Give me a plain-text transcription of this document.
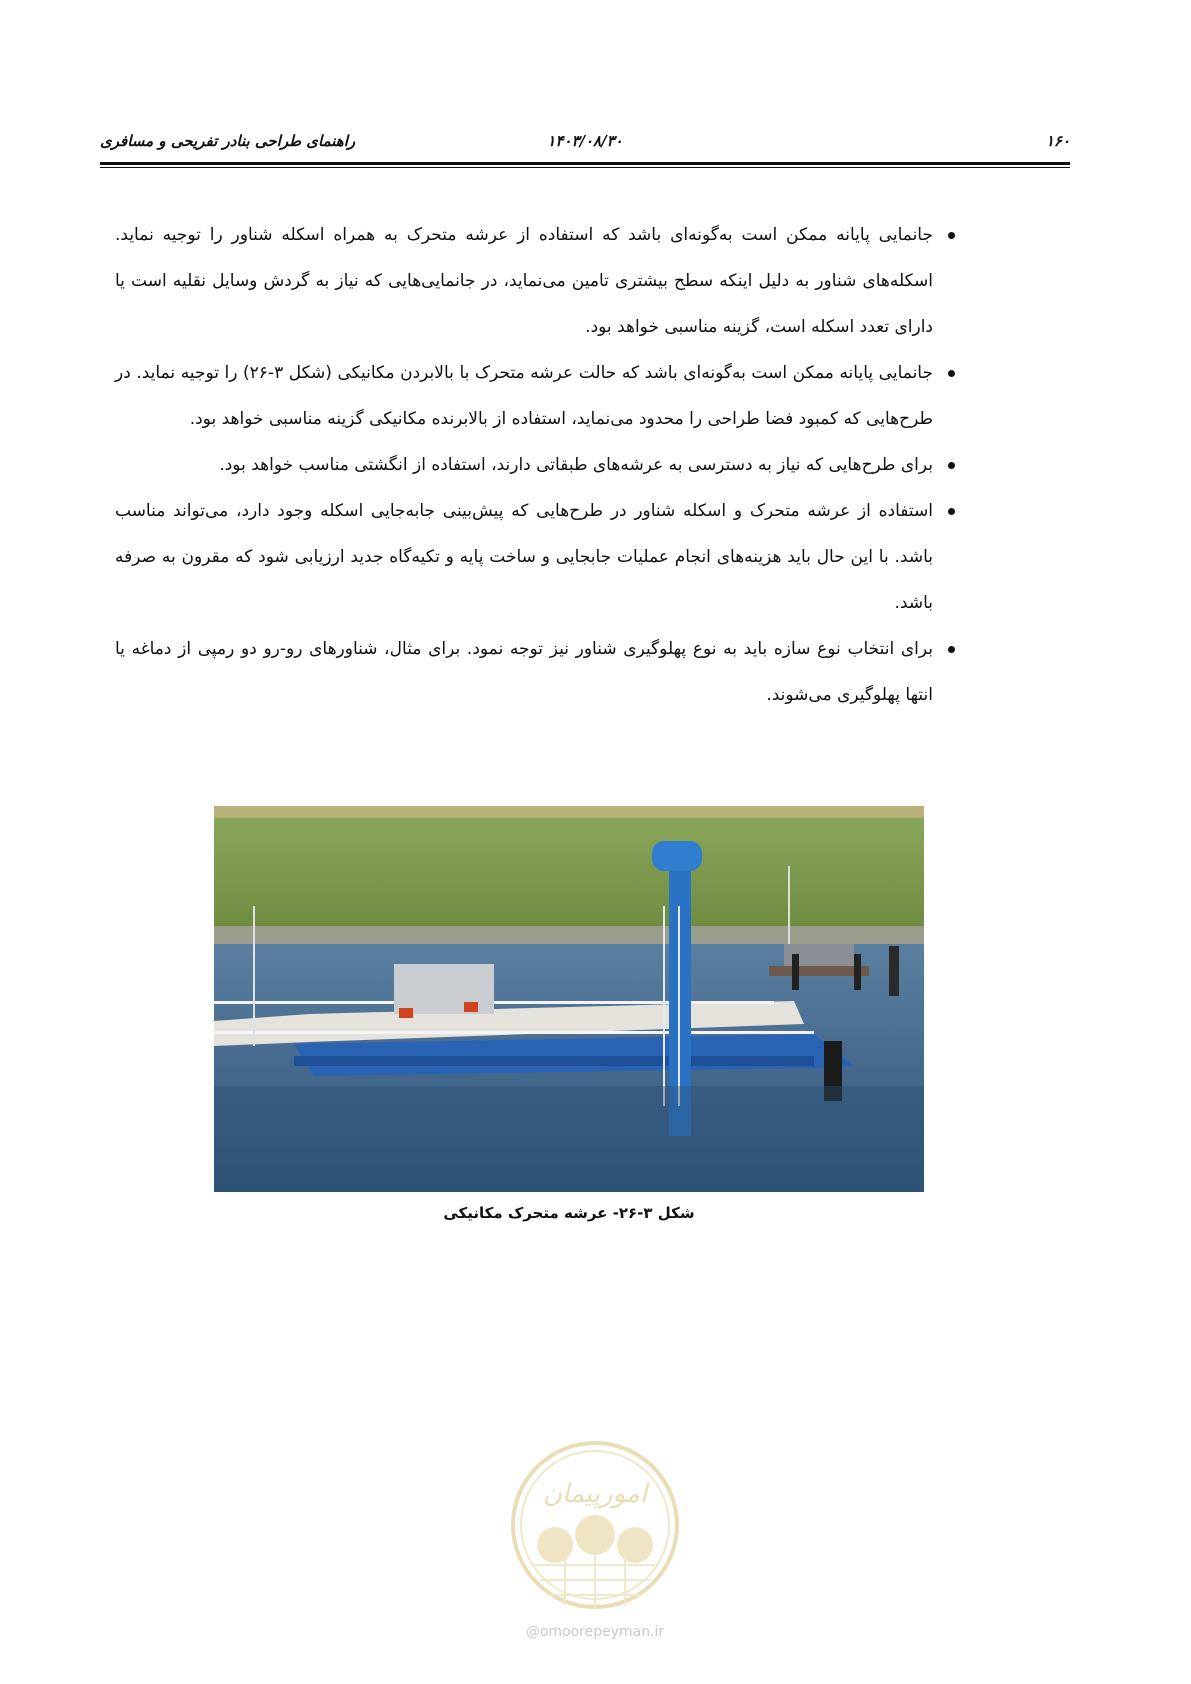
۱۶۰
۱۴۰۳/۰۸/۳۰
راهنمای طراحی بنادر تفریحی و مسافری
جانمایی پایانه ممکن است به‌گونه‌ای باشد که استفاده از عرشه متحرک به همراه اسکله شناور را توجیه نماید. اسکله‌های شناور به دلیل اینکه سطح بیشتری تامین می‌نماید، در جانمایی‌هایی که نیاز به گردش وسایل نقلیه است یا دارای تعدد اسکله است، گزینه مناسبی خواهد بود.
جانمایی پایانه ممکن است به‌گونه‌ای باشد که حالت عرشه متحرک با بالابردن مکانیکی (شکل ۳-۲۶) را توجیه نماید. در طرح‌هایی که کمبود فضا طراحی را محدود می‌نماید، استفاده از بالابرنده مکانیکی گزینه مناسبی خواهد بود.
برای طرح‌هایی که نیاز به دسترسی به عرشه‌های طبقاتی دارند، استفاده از انگشتی مناسب خواهد بود.
استفاده از عرشه متحرک و اسکله شناور در طرح‌هایی که پیش‌بینی جابه‌جایی اسکله وجود دارد، می‌تواند مناسب باشد. با این حال باید هزینه‌های انجام عملیات جابجایی و ساخت پایه و تکیه‌گاه جدید ارزیابی شود که مقرون به صرفه باشد.
برای انتخاب نوع سازه باید به نوع پهلوگیری شناور نیز توجه نمود. برای مثال، شناورهای رو-رو دو رمپی از دماغه یا انتها پهلوگیری می‌شوند.
شکل ۳-۲۶- عرشه متحرک مکانیکی
امورپیمان
@omoorepeyman.ir
